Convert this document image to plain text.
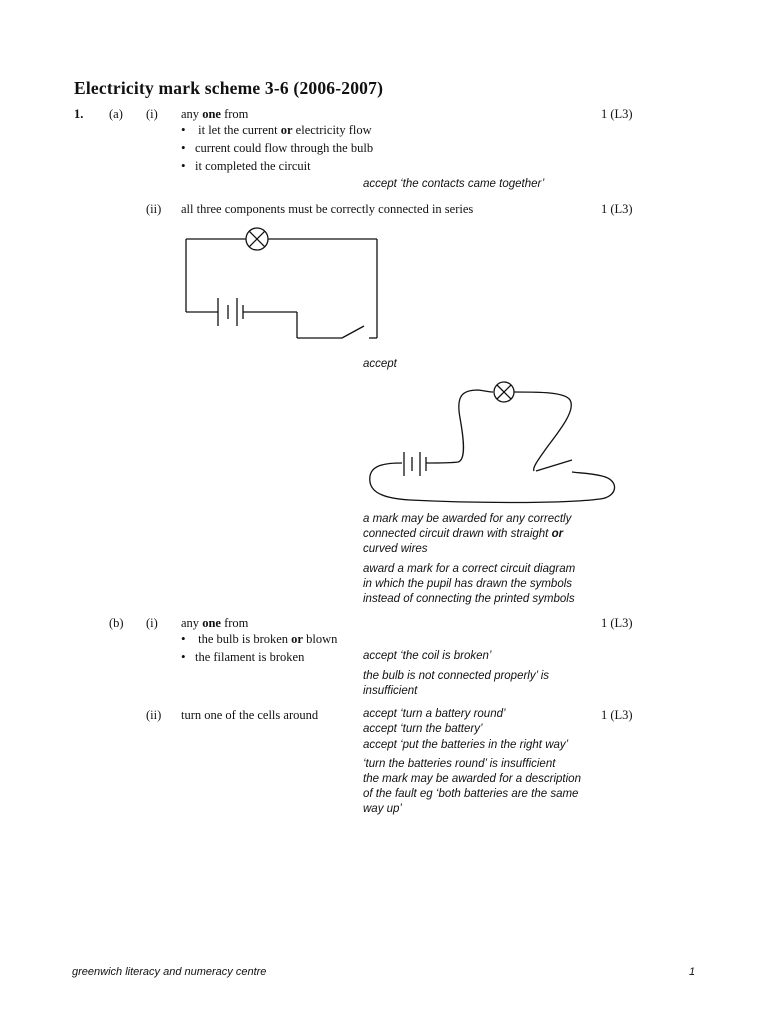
Electricity mark scheme 3-6 (2006-2007)
1. (a) (i) any one from	1 (L3)
• it let the current or electricity flow
• current could flow through the bulb
• it completed the circuit
accept ‘the contacts came together’
(ii) all three components must be correctly connected in series	1 (L3)
accept
a mark may be awarded for any correctly
connected circuit drawn with straight or
curved wires
award a mark for a correct circuit diagram
in which the pupil has drawn the symbols
instead of connecting the printed symbols
(b) (i) any one from	1 (L3)
• the bulb is broken or blown
• the filament is broken	accept ‘the coil is broken’
the bulb is not connected properly’ is
insufficient
(ii) turn one of the cells around	accept ‘turn a battery round’	1 (L3)
accept ‘turn the battery’
accept ‘put the batteries in the right way’
‘turn the batteries round’ is insufficient
the mark may be awarded for a description
of the fault eg ‘both batteries are the same
way up’
greenwich literacy and numeracy centre	1
